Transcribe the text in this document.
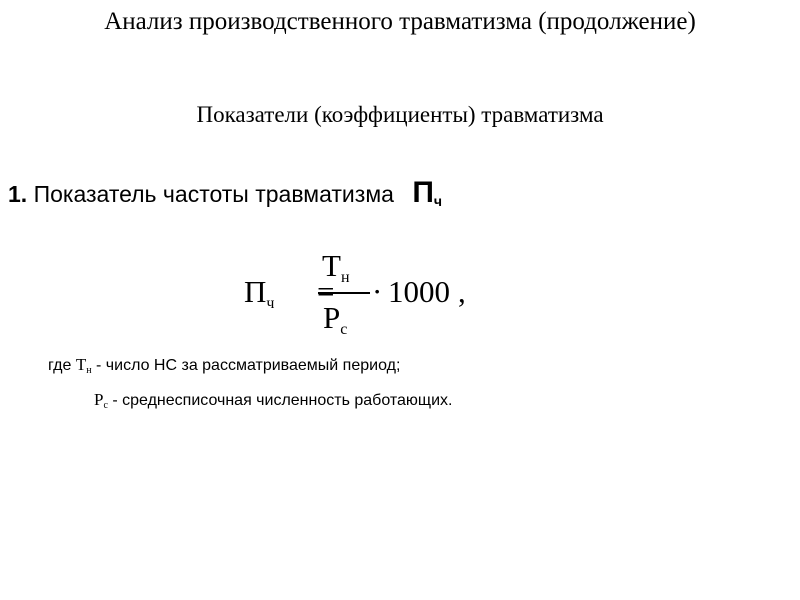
Анализ производственного травматизма (продолжение)
Показатели (коэффициенты) травматизма
1. Показатель частоты травматизма $П_ч$
$П_ч$
$Т_н$
$Р_с$
· 1000 ,
где $Т_н$ - число НС за рассматриваемый период;
$Р_с$ - среднесписочная численность работающих.
